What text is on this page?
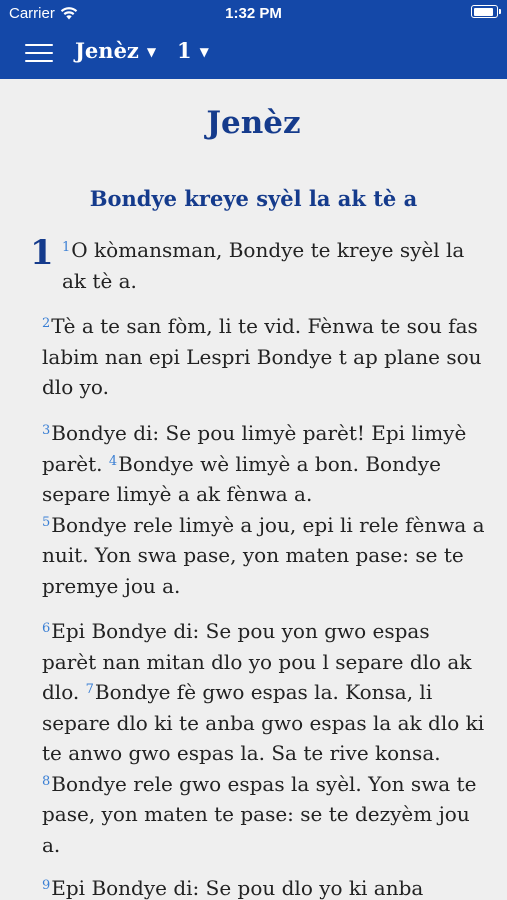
Carrier	1:32 PM
Jenèz ▼ 1 ▼
Jenèz
Bondye kreye syèl la ak tè a
1 $^1$O kòmansman, Bondye te kreye syèl la ak tè a.
$^2$Tè a te san fòm, li te vid. Fènwa te sou fas labim nan epi Lespri Bondye t ap plane sou dlo yo.
$^3$Bondye di: Se pou limyè parèt! Epi limyè parèt. $^4$Bondye wè limyè a bon. Bondye separe limyè a ak fènwa a.
$^5$Bondye rele limyè a jou, epi li rele fènwa a nuit. Yon swa pase, yon maten pase: se te premye jou a.
$^6$Epi Bondye di: Se pou yon gwo espas parèt nan mitan dlo yo pou l separe dlo ak dlo. $^7$Bondye fè gwo espas la. Konsa, li separe dlo ki te anba gwo espas la ak dlo ki te anwo gwo espas la. Sa te rive konsa. $^8$Bondye rele gwo espas la syèl. Yon swa te pase, yon maten te pase: se te dezyèm jou a.
$^9$Epi Bondye di: Se pou dlo yo ki anba
